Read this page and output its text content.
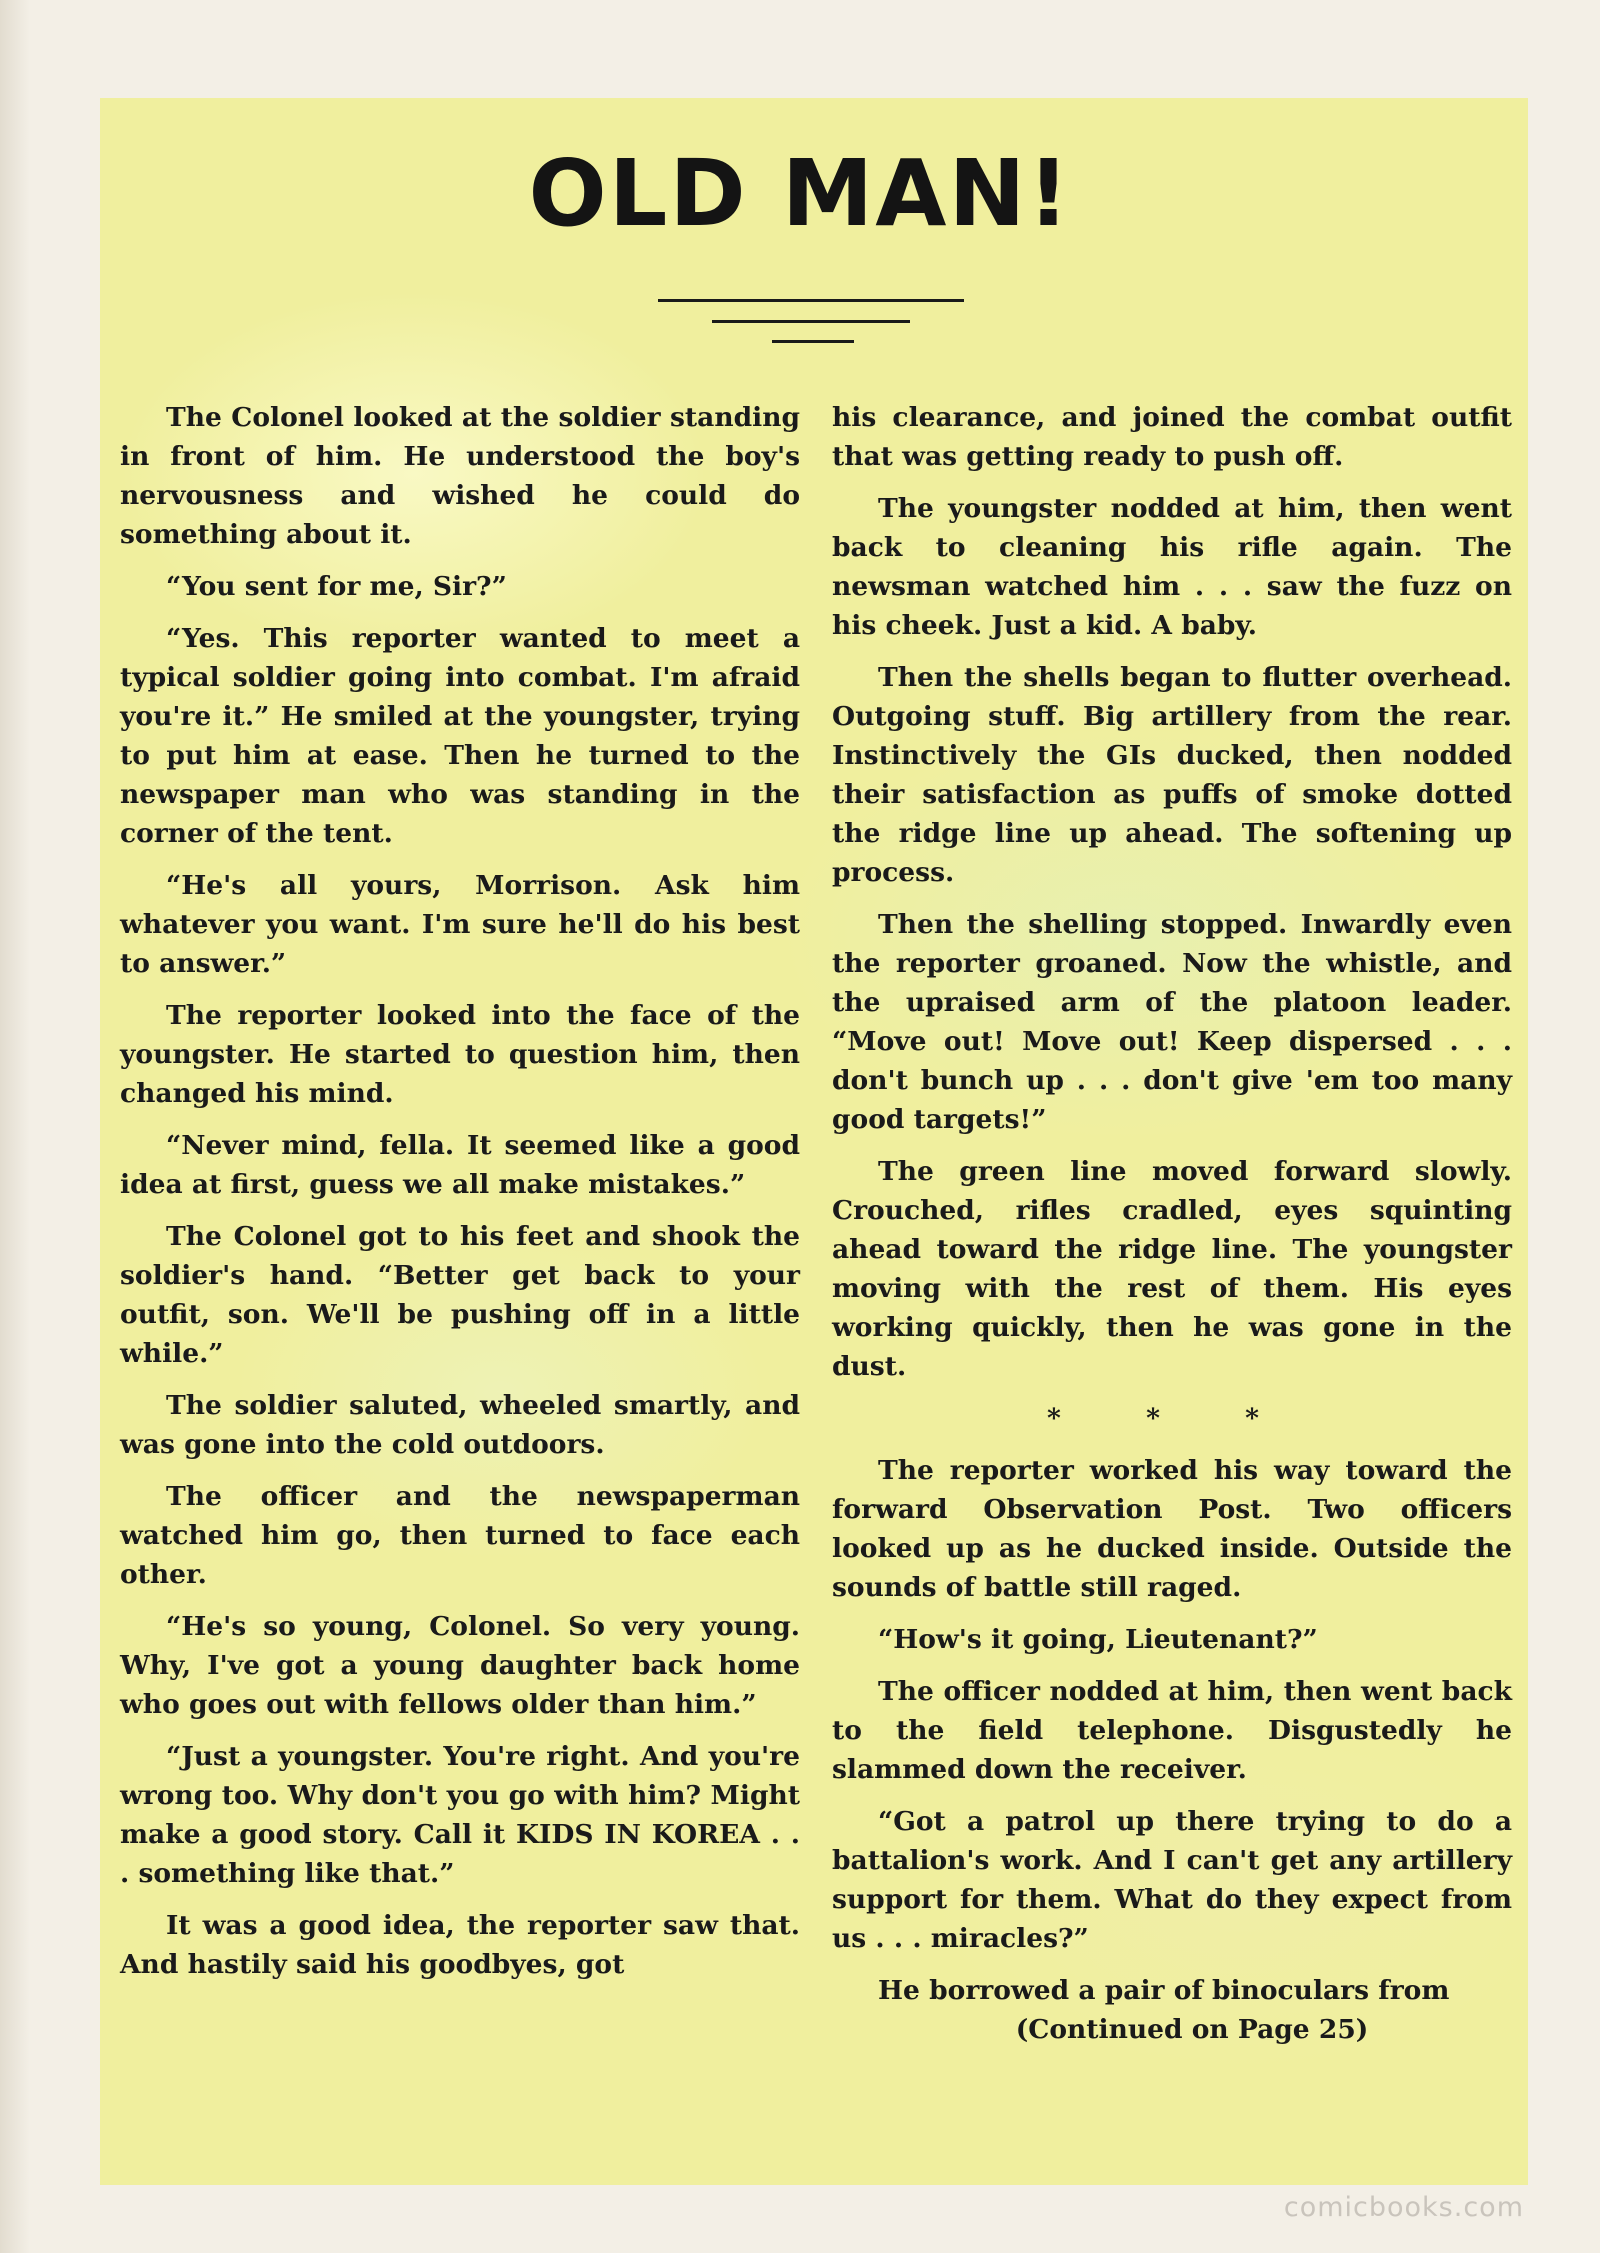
OLD MAN!

The Colonel looked at the soldier standing in front of him. He understood the boy's nervousness and wished he could do something about it.

“You sent for me, Sir?”

“Yes. This reporter wanted to meet a typical soldier going into combat. I'm afraid you're it.” He smiled at the youngster, trying to put him at ease. Then he turned to the newspaper man who was standing in the corner of the tent.

“He's all yours, Morrison. Ask him whatever you want. I'm sure he'll do his best to answer.”

The reporter looked into the face of the youngster. He started to question him, then changed his mind.

“Never mind, fella. It seemed like a good idea at first, guess we all make mistakes.”

The Colonel got to his feet and shook the soldier's hand. “Better get back to your outfit, son. We'll be pushing off in a little while.”

The soldier saluted, wheeled smartly, and was gone into the cold outdoors.

The officer and the newspaperman watched him go, then turned to face each other.

“He's so young, Colonel. So very young. Why, I've got a young daughter back home who goes out with fellows older than him.”

“Just a youngster. You're right. And you're wrong too. Why don't you go with him? Might make a good story. Call it KIDS IN KOREA . . . something like that.”

It was a good idea, the reporter saw that. And hastily said his goodbyes, got

his clearance, and joined the combat outfit that was getting ready to push off.

The youngster nodded at him, then went back to cleaning his rifle again. The newsman watched him . . . saw the fuzz on his cheek. Just a kid. A baby.

Then the shells began to flutter overhead. Outgoing stuff. Big artillery from the rear. Instinctively the GIs ducked, then nodded their satisfaction as puffs of smoke dotted the ridge line up ahead. The softening up process.

Then the shelling stopped. Inwardly even the reporter groaned. Now the whistle, and the upraised arm of the platoon leader. “Move out! Move out! Keep dispersed . . . don't bunch up . . . don't give 'em too many good targets!”

The green line moved forward slowly. Crouched, rifles cradled, eyes squinting ahead toward the ridge line. The youngster moving with the rest of them. His eyes working quickly, then he was gone in the dust.

* * *

The reporter worked his way toward the forward Observation Post. Two officers looked up as he ducked inside. Outside the sounds of battle still raged.

“How's it going, Lieutenant?”

The officer nodded at him, then went back to the field telephone. Disgustedly he slammed down the receiver.

“Got a patrol up there trying to do a battalion's work. And I can't get any artillery support for them. What do they expect from us . . . miracles?”

He borrowed a pair of binoculars from

(Continued on Page 25)

comicbooks.com
